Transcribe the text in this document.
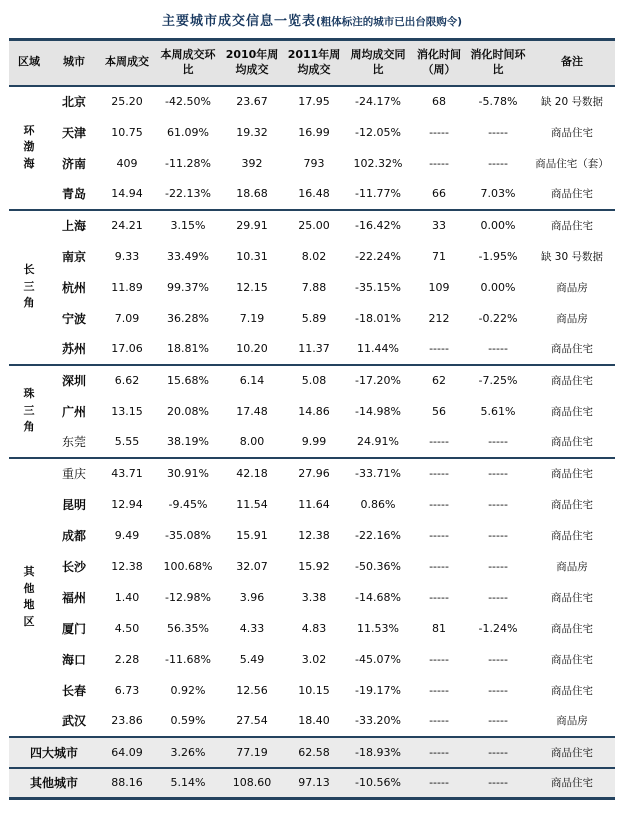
主要城市成交信息一览表(粗体标注的城市已出台限购令)
区域	城市	本周成交	本周成交环比	2010年周均成交	2011年周均成交	周均成交同比	消化时间（周）	消化时间环比	备注
环渤海	北京	25.20	-42.50%	23.67	17.95	-24.17%	68	-5.78%	缺 20 号数据
	天津	10.75	61.09%	19.32	16.99	-12.05%	-----	-----	商品住宅
	济南	409	-11.28%	392	793	102.32%	-----	-----	商品住宅（套）
	青岛	14.94	-22.13%	18.68	16.48	-11.77%	66	7.03%	商品住宅
长三角	上海	24.21	3.15%	29.91	25.00	-16.42%	33	0.00%	商品住宅
	南京	9.33	33.49%	10.31	8.02	-22.24%	71	-1.95%	缺 30 号数据
	杭州	11.89	99.37%	12.15	7.88	-35.15%	109	0.00%	商品房
	宁波	7.09	36.28%	7.19	5.89	-18.01%	212	-0.22%	商品房
	苏州	17.06	18.81%	10.20	11.37	11.44%	-----	-----	商品住宅
珠三角	深圳	6.62	15.68%	6.14	5.08	-17.20%	62	-7.25%	商品住宅
	广州	13.15	20.08%	17.48	14.86	-14.98%	56	5.61%	商品住宅
	东莞	5.55	38.19%	8.00	9.99	24.91%	-----	-----	商品住宅
其他地区	重庆	43.71	30.91%	42.18	27.96	-33.71%	-----	-----	商品住宅
	昆明	12.94	-9.45%	11.54	11.64	0.86%	-----	-----	商品住宅
	成都	9.49	-35.08%	15.91	12.38	-22.16%	-----	-----	商品住宅
	长沙	12.38	100.68%	32.07	15.92	-50.36%	-----	-----	商品房
	福州	1.40	-12.98%	3.96	3.38	-14.68%	-----	-----	商品住宅
	厦门	4.50	56.35%	4.33	4.83	11.53%	81	-1.24%	商品住宅
	海口	2.28	-11.68%	5.49	3.02	-45.07%	-----	-----	商品住宅
	长春	6.73	0.92%	12.56	10.15	-19.17%	-----	-----	商品住宅
	武汉	23.86	0.59%	27.54	18.40	-33.20%	-----	-----	商品房
四大城市		64.09	3.26%	77.19	62.58	-18.93%	-----	-----	商品住宅
其他城市		88.16	5.14%	108.60	97.13	-10.56%	-----	-----	商品住宅
